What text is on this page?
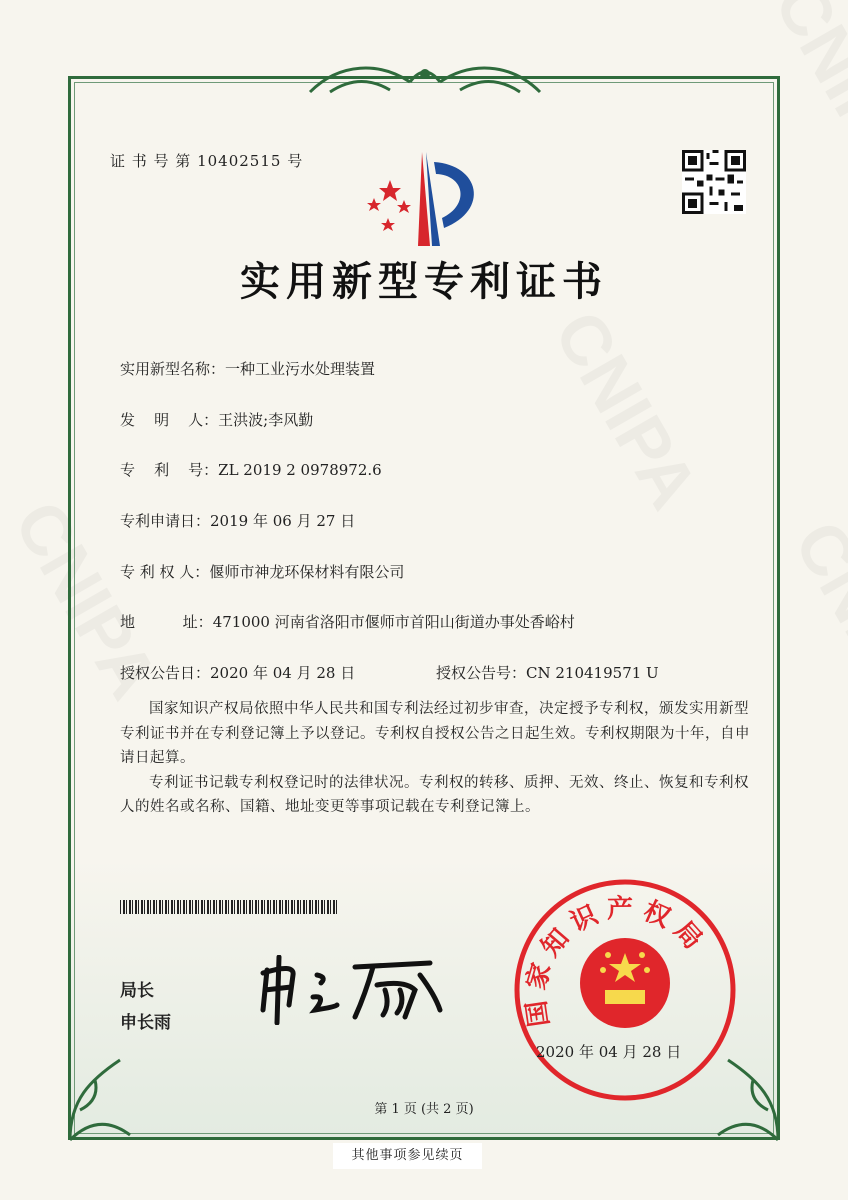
证 书 号 第 10402515 号
实用新型专利证书
实用新型名称：一种工业污水处理装置
发    明    人：王洪波;李风勤
专    利    号：ZL 2019 2 0978972.6
专利申请日：2019 年 06 月 27 日
专 利 权 人：偃师市神龙环保材料有限公司
地          址：471000 河南省洛阳市偃师市首阳山街道办事处香峪村
授权公告日：2020 年 04 月 28 日	授权公告号：CN 210419571 U

国家知识产权局依照中华人民共和国专利法经过初步审查，决定授予专利权，颁发实用新型专利证书并在专利登记簿上予以登记。专利权自授权公告之日起生效。专利权期限为十年，自申请日起算。

专利证书记载专利权登记时的法律状况。专利权的转移、质押、无效、终止、恢复和专利权人的姓名或名称、国籍、地址变更等事项记载在专利登记簿上。

局长
申长雨	国家知识产权局
2020 年 04 月 28 日
第 1 页 (共 2 页)
其他事项参见续页
